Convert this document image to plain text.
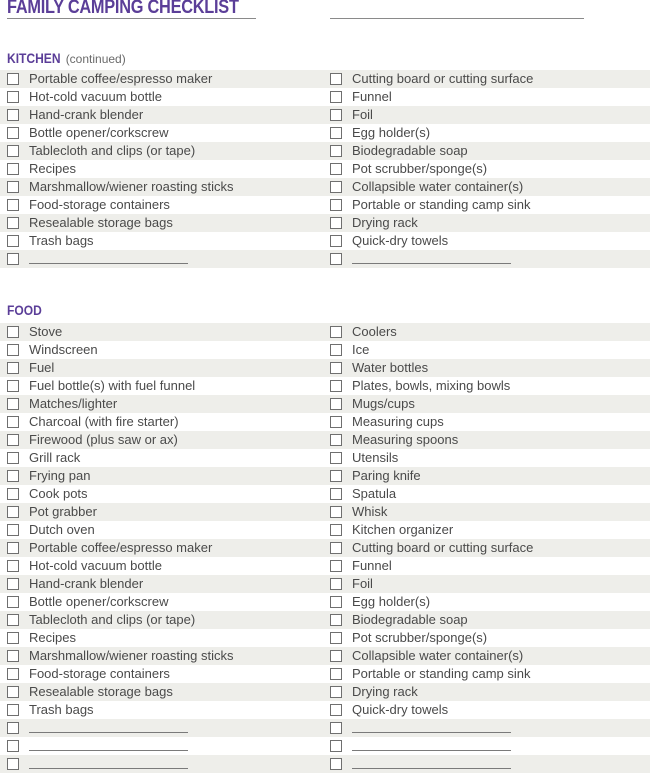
FAMILY CAMPING CHECKLIST
KITCHEN (continued)
Portable coffee/espresso maker	Cutting board or cutting surface
Hot-cold vacuum bottle	Funnel
Hand-crank blender	Foil
Bottle opener/corkscrew	Egg holder(s)
Tablecloth and clips (or tape)	Biodegradable soap
Recipes	Pot scrubber/sponge(s)
Marshmallow/wiener roasting sticks	Collapsible water container(s)
Food-storage containers	Portable or standing camp sink
Resealable storage bags	Drying rack
Trash bags	Quick-dry towels
FOOD
Stove	Coolers
Windscreen	Ice
Fuel	Water bottles
Fuel bottle(s) with fuel funnel	Plates, bowls, mixing bowls
Matches/lighter	Mugs/cups
Charcoal (with fire starter)	Measuring cups
Firewood (plus saw or ax)	Measuring spoons
Grill rack	Utensils
Frying pan	Paring knife
Cook pots	Spatula
Pot grabber	Whisk
Dutch oven	Kitchen organizer
Portable coffee/espresso maker	Cutting board or cutting surface
Hot-cold vacuum bottle	Funnel
Hand-crank blender	Foil
Bottle opener/corkscrew	Egg holder(s)
Tablecloth and clips (or tape)	Biodegradable soap
Recipes	Pot scrubber/sponge(s)
Marshmallow/wiener roasting sticks	Collapsible water container(s)
Food-storage containers	Portable or standing camp sink
Resealable storage bags	Drying rack
Trash bags	Quick-dry towels
